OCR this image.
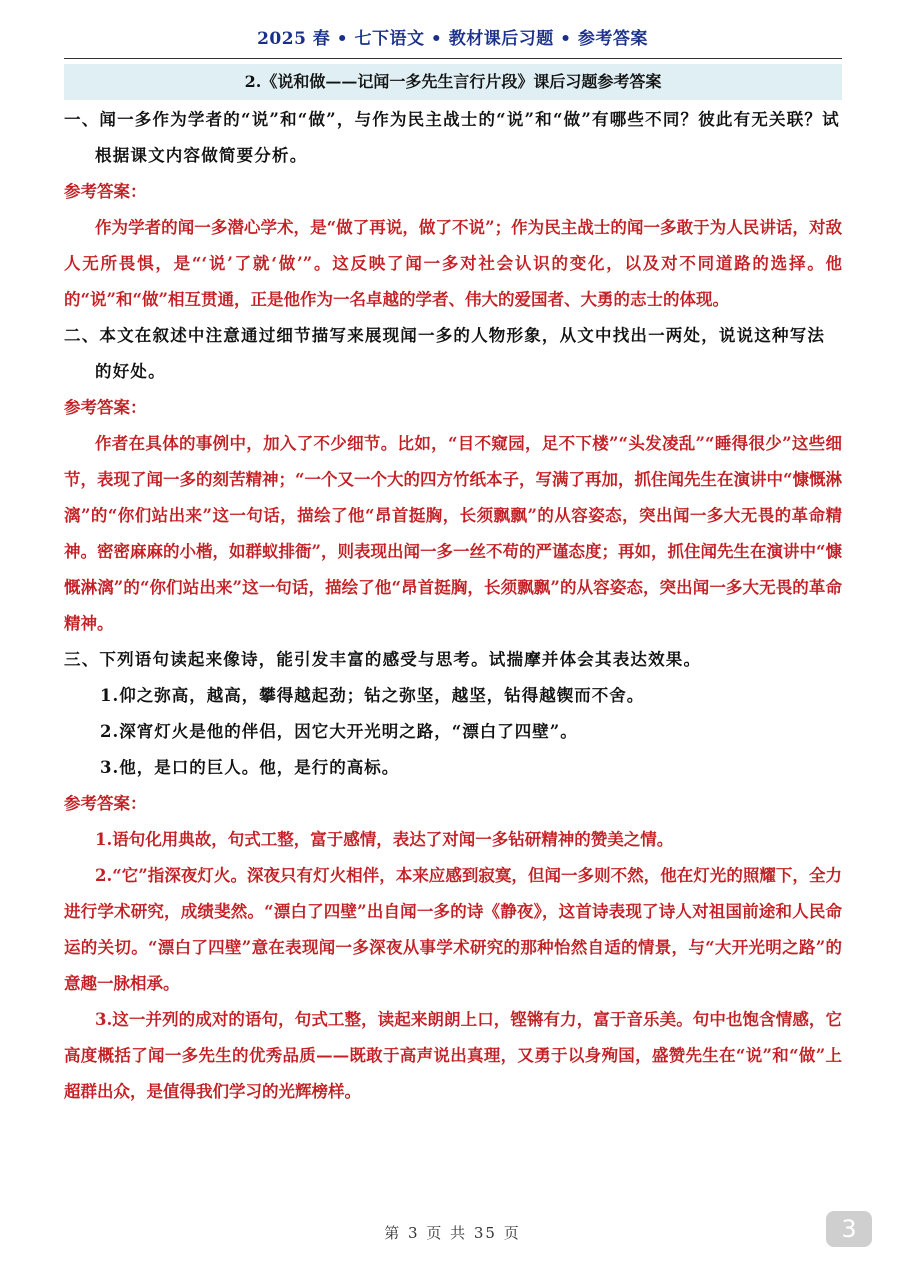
2025 春 • 七下语文 • 教材课后习题 • 参考答案
2.《说和做——记闻一多先生言行片段》课后习题参考答案

一、闻一多作为学者的“说”和“做”，与作为民主战士的“说”和“做”有哪些不同？彼此有无关联？试根据课文内容做简要分析。

参考答案：

作为学者的闻一多潜心学术，是“做了再说，做了不说”；作为民主战士的闻一多敢于为人民讲话，对敌人无所畏惧，是“‘说’了就‘做’”。这反映了闻一多对社会认识的变化，以及对不同道路的选择。他的“说”和“做”相互贯通，正是他作为一名卓越的学者、伟大的爱国者、大勇的志士的体现。

二、本文在叙述中注意通过细节描写来展现闻一多的人物形象，从文中找出一两处，说说这种写法的好处。

参考答案：

作者在具体的事例中，加入了不少细节。比如，“目不窥园，足不下楼”“头发凌乱”“睡得很少”这些细节，表现了闻一多的刻苦精神；“一个又一个大的四方竹纸本子，写满了再加，抓住闻先生在演讲中“慷慨淋漓”的“你们站出来”这一句话，描绘了他“昂首挺胸，长须飘飘”的从容姿态，突出闻一多大无畏的革命精神。密密麻麻的小楷，如群蚁排衙”，则表现出闻一多一丝不苟的严谨态度；再如，抓住闻先生在演讲中“慷慨淋漓”的“你们站出来”这一句话，描绘了他“昂首挺胸，长须飘飘”的从容姿态，突出闻一多大无畏的革命精神。

三、下列语句读起来像诗，能引发丰富的感受与思考。试揣摩并体会其表达效果。

1.仰之弥高，越高，攀得越起劲；钻之弥坚，越坚，钻得越锲而不舍。

2.深宵灯火是他的伴侣，因它大开光明之路，“漂白了四壁”。

3.他，是口的巨人。他，是行的高标。

参考答案：

1.语句化用典故，句式工整，富于感情，表达了对闻一多钻研精神的赞美之情。

2.“它”指深夜灯火。深夜只有灯火相伴，本来应感到寂寞，但闻一多则不然，他在灯光的照耀下，全力进行学术研究，成绩斐然。“漂白了四壁”出自闻一多的诗《静夜》，这首诗表现了诗人对祖国前途和人民命运的关切。“漂白了四壁”意在表现闻一多深夜从事学术研究的那种怡然自适的情景，与“大开光明之路”的意趣一脉相承。

3.这一并列的成对的语句，句式工整，读起来朗朗上口，铿锵有力，富于音乐美。句中也饱含情感，它高度概括了闻一多先生的优秀品质——既敢于高声说出真理，又勇于以身殉国，盛赞先生在“说”和“做”上超群出众，是值得我们学习的光辉榜样。

第 3 页 共 35 页	3
